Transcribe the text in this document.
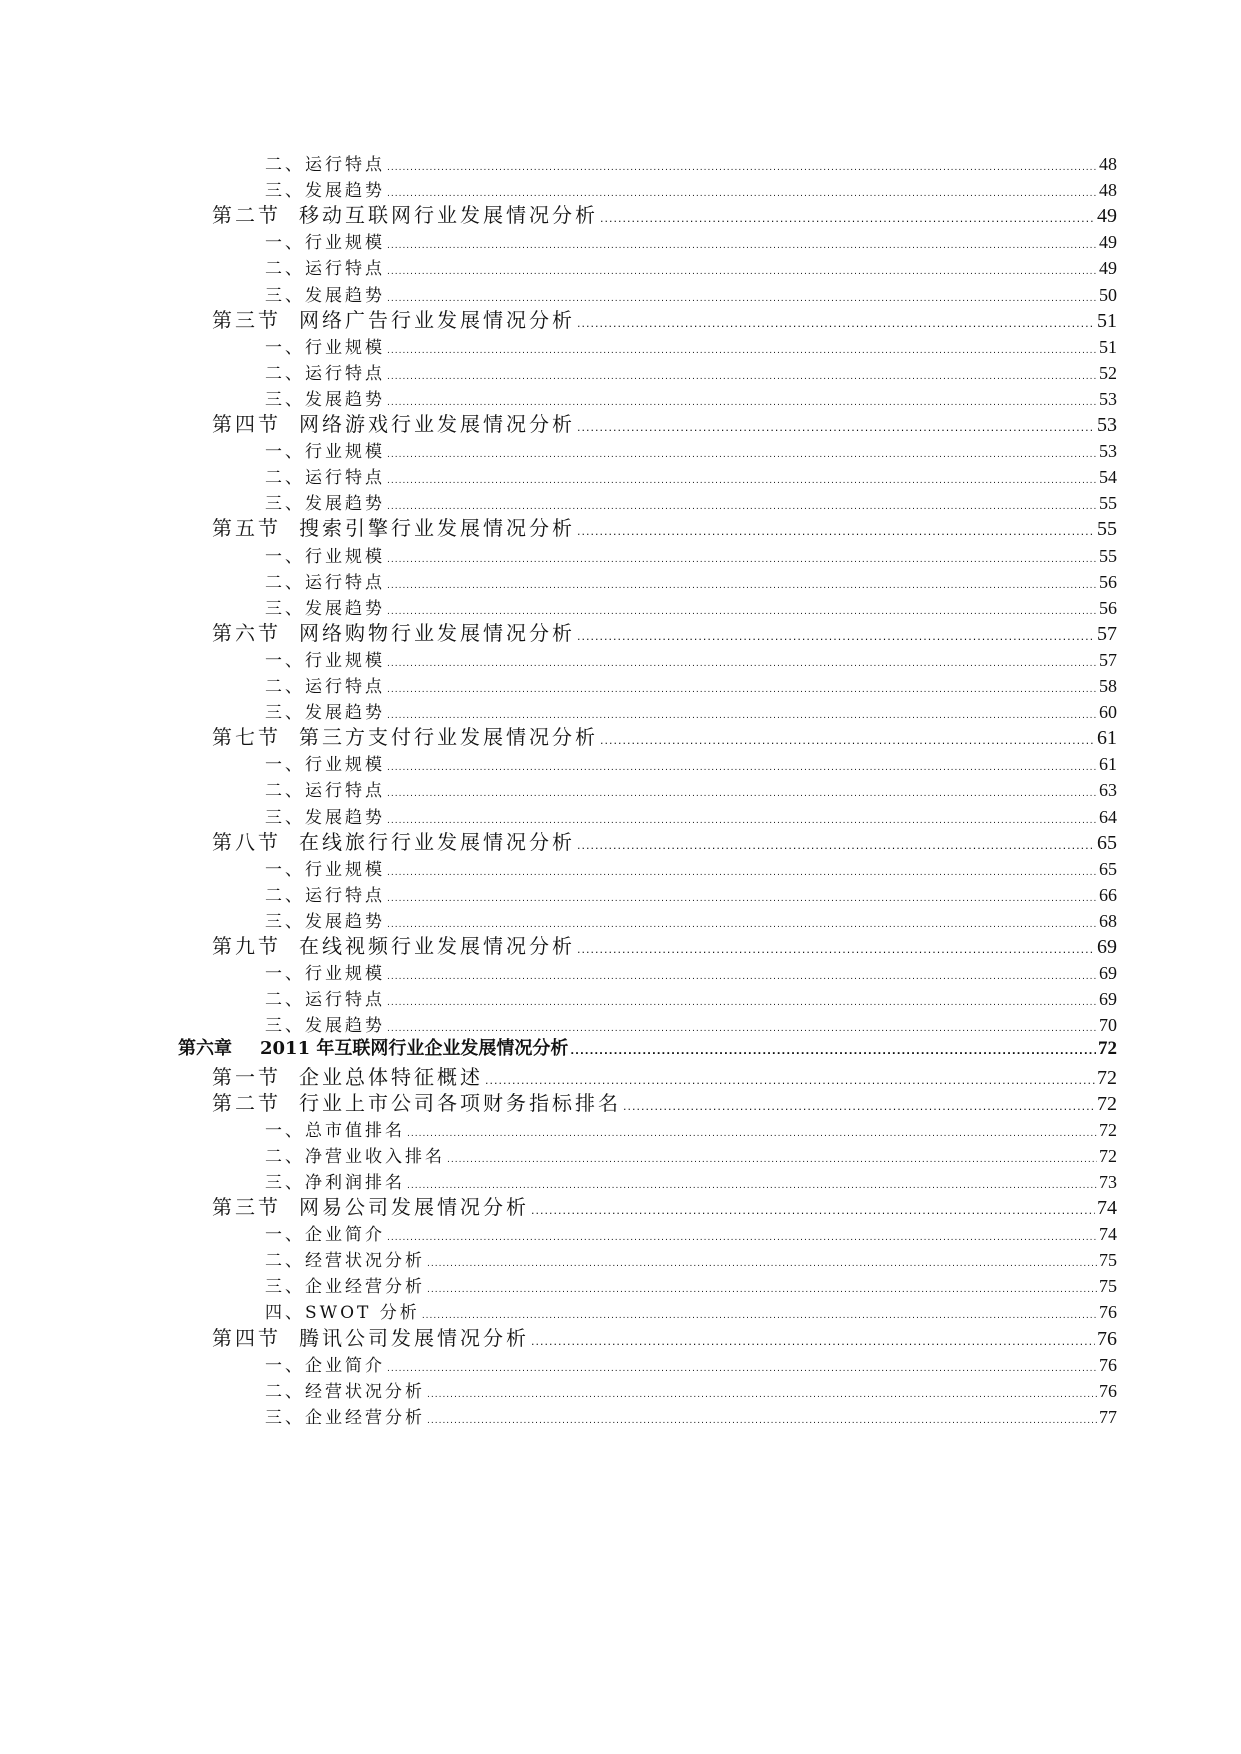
二、运行特点 .....	48
三、发展趋势 .....	48
第二节 移动互联网行业发展情况分析 .....	49
一、行业规模 .....	49
二、运行特点 .....	49
三、发展趋势 .....	50
第三节 网络广告行业发展情况分析 .....	51
一、行业规模 .....	51
二、运行特点 .....	52
三、发展趋势 .....	53
第四节 网络游戏行业发展情况分析 .....	53
一、行业规模 .....	53
二、运行特点 .....	54
三、发展趋势 .....	55
第五节 搜索引擎行业发展情况分析 .....	55
一、行业规模 .....	55
二、运行特点 .....	56
三、发展趋势 .....	56
第六节 网络购物行业发展情况分析 .....	57
一、行业规模 .....	57
二、运行特点 .....	58
三、发展趋势 .....	60
第七节 第三方支付行业发展情况分析 .....	61
一、行业规模 .....	61
二、运行特点 .....	63
三、发展趋势 .....	64
第八节 在线旅行行业发展情况分析 .....	65
一、行业规模 .....	65
二、运行特点 .....	66
三、发展趋势 .....	68
第九节 在线视频行业发展情况分析 .....	69
一、行业规模 .....	69
二、运行特点 .....	69
三、发展趋势 .....	70
第六章 2011 年互联网行业企业发展情况分析 .....	72
第一节 企业总体特征概述 .....	72
第二节 行业上市公司各项财务指标排名 .....	72
一、总市值排名 .....	72
二、净营业收入排名 .....	72
三、净利润排名 .....	73
第三节 网易公司发展情况分析 .....	74
一、企业简介 .....	74
二、经营状况分析 .....	75
三、企业经营分析 .....	75
四、SWOT 分析 .....	76
第四节 腾讯公司发展情况分析 .....	76
一、企业简介 .....	76
二、经营状况分析 .....	76
三、企业经营分析 .....	77
